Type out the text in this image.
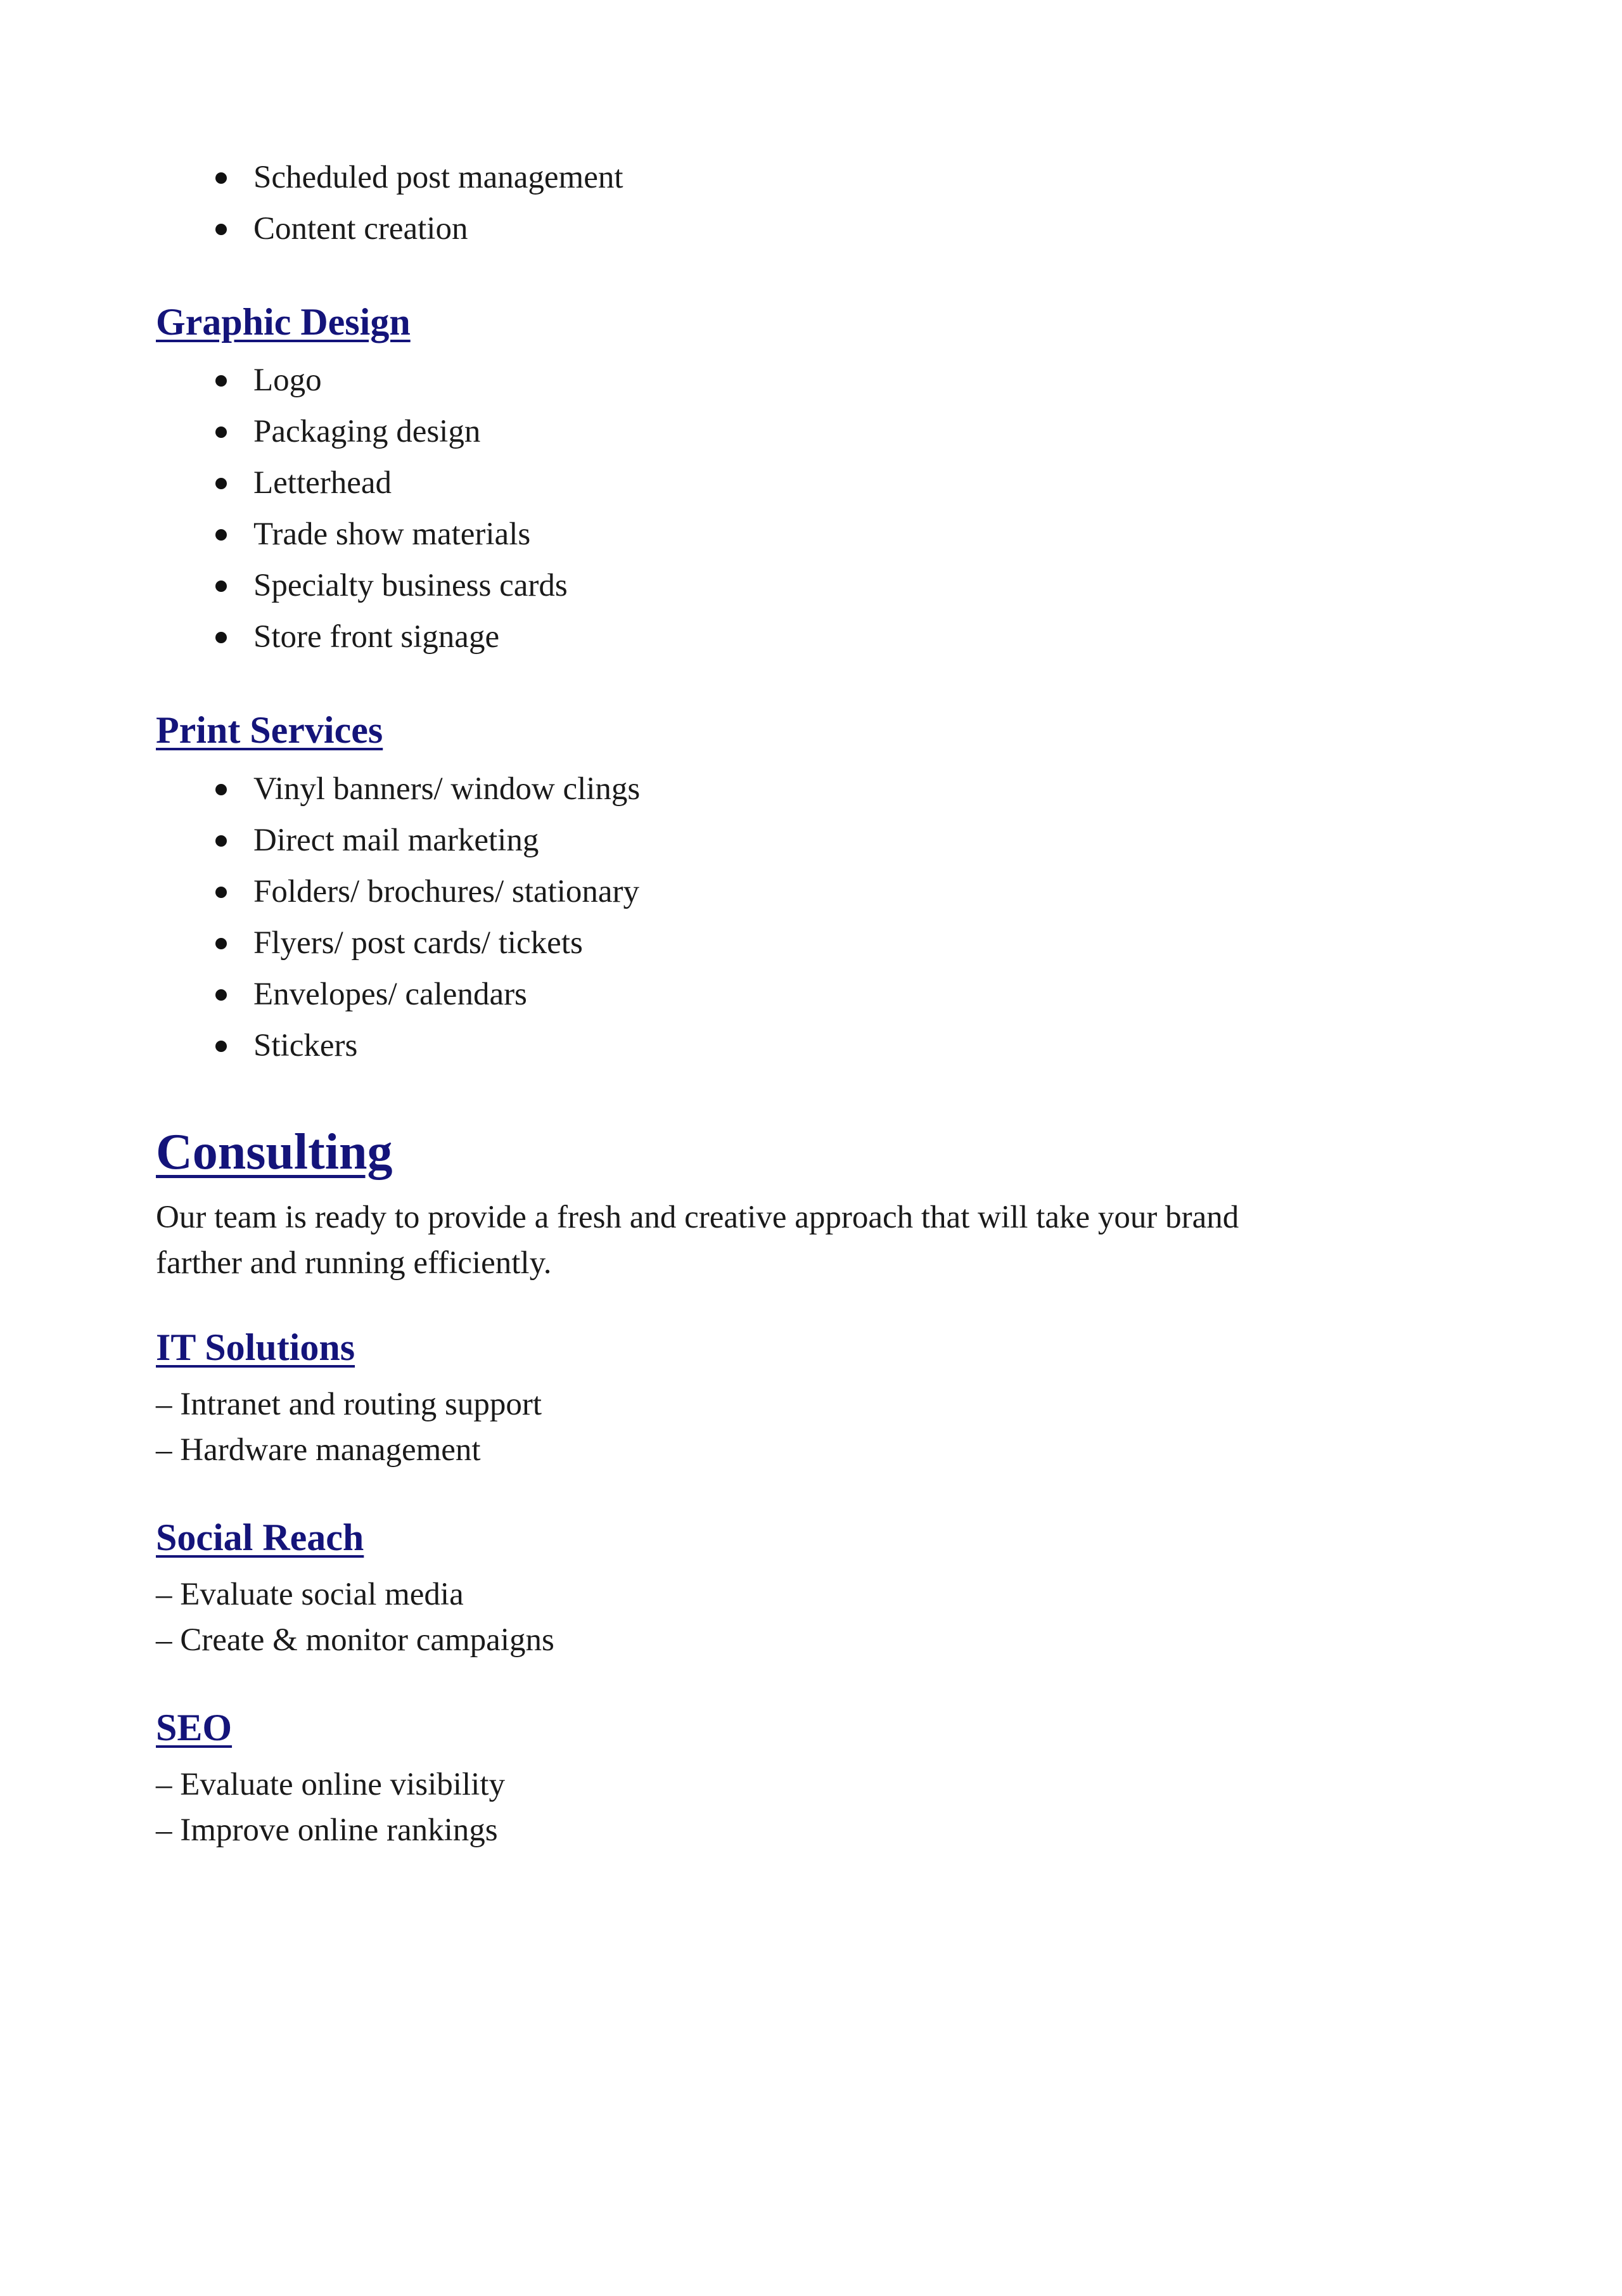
Scheduled post management
Content creation
Graphic Design
Logo
Packaging design
Letterhead
Trade show materials
Specialty business cards
Store front signage
Print Services
Vinyl banners/ window clings
Direct mail marketing
Folders/ brochures/ stationary
Flyers/ post cards/ tickets
Envelopes/ calendars
Stickers
Consulting
Our team is ready to provide a fresh and creative approach that will take your brand
farther and running efficiently.
IT Solutions
– Intranet and routing support
– Hardware management
Social Reach
– Evaluate social media
– Create & monitor campaigns
SEO
– Evaluate online visibility
– Improve online rankings
